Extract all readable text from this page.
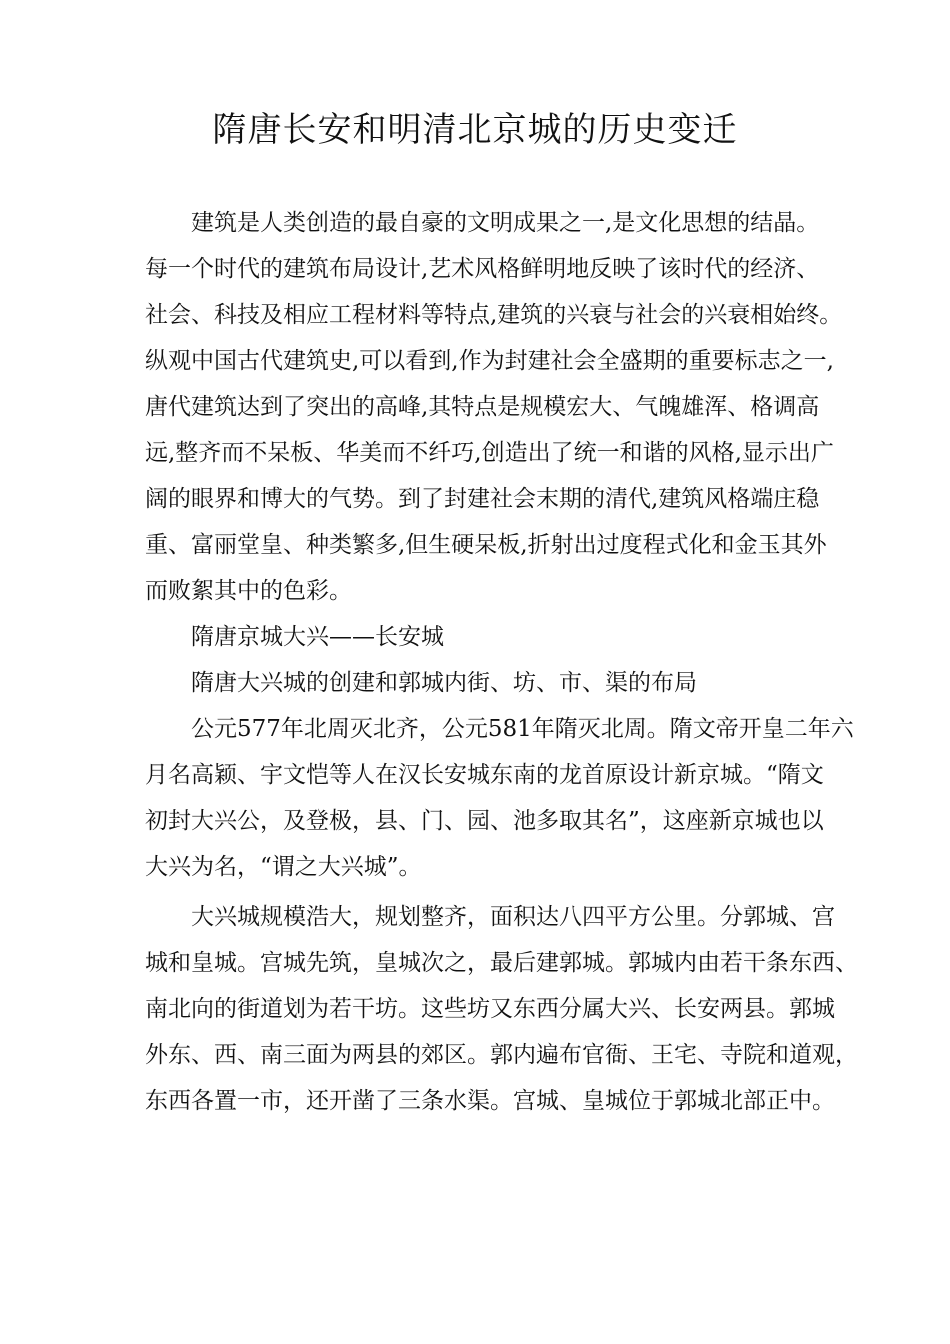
隋唐长安和明清北京城的历史变迁
建筑是人类创造的最自豪的文明成果之一,是文化思想的结晶。
每一个时代的建筑布局设计,艺术风格鲜明地反映了该时代的经济、
社会、科技及相应工程材料等特点,建筑的兴衰与社会的兴衰相始终。
纵观中国古代建筑史,可以看到,作为封建社会全盛期的重要标志之一,
唐代建筑达到了突出的高峰,其特点是规模宏大、气魄雄浑、格调高
远,整齐而不呆板、华美而不纤巧,创造出了统一和谐的风格,显示出广
阔的眼界和博大的气势。到了封建社会末期的清代,建筑风格端庄稳
重、富丽堂皇、种类繁多,但生硬呆板,折射出过度程式化和金玉其外
而败絮其中的色彩。
隋唐京城大兴——长安城
隋唐大兴城的创建和郭城内街、坊、市、渠的布局
公元577年北周灭北齐，公元581年隋灭北周。隋文帝开皇二年六
月名高颖、宇文恺等人在汉长安城东南的龙首原设计新京城。“隋文
初封大兴公，及登极，县、门、园、池多取其名”，这座新京城也以
大兴为名，“谓之大兴城”。
大兴城规模浩大，规划整齐，面积达八四平方公里。分郭城、宫
城和皇城。宫城先筑，皇城次之，最后建郭城。郭城内由若干条东西、
南北向的街道划为若干坊。这些坊又东西分属大兴、长安两县。郭城
外东、西、南三面为两县的郊区。郭内遍布官衙、王宅、寺院和道观，
东西各置一市，还开凿了三条水渠。宫城、皇城位于郭城北部正中。
